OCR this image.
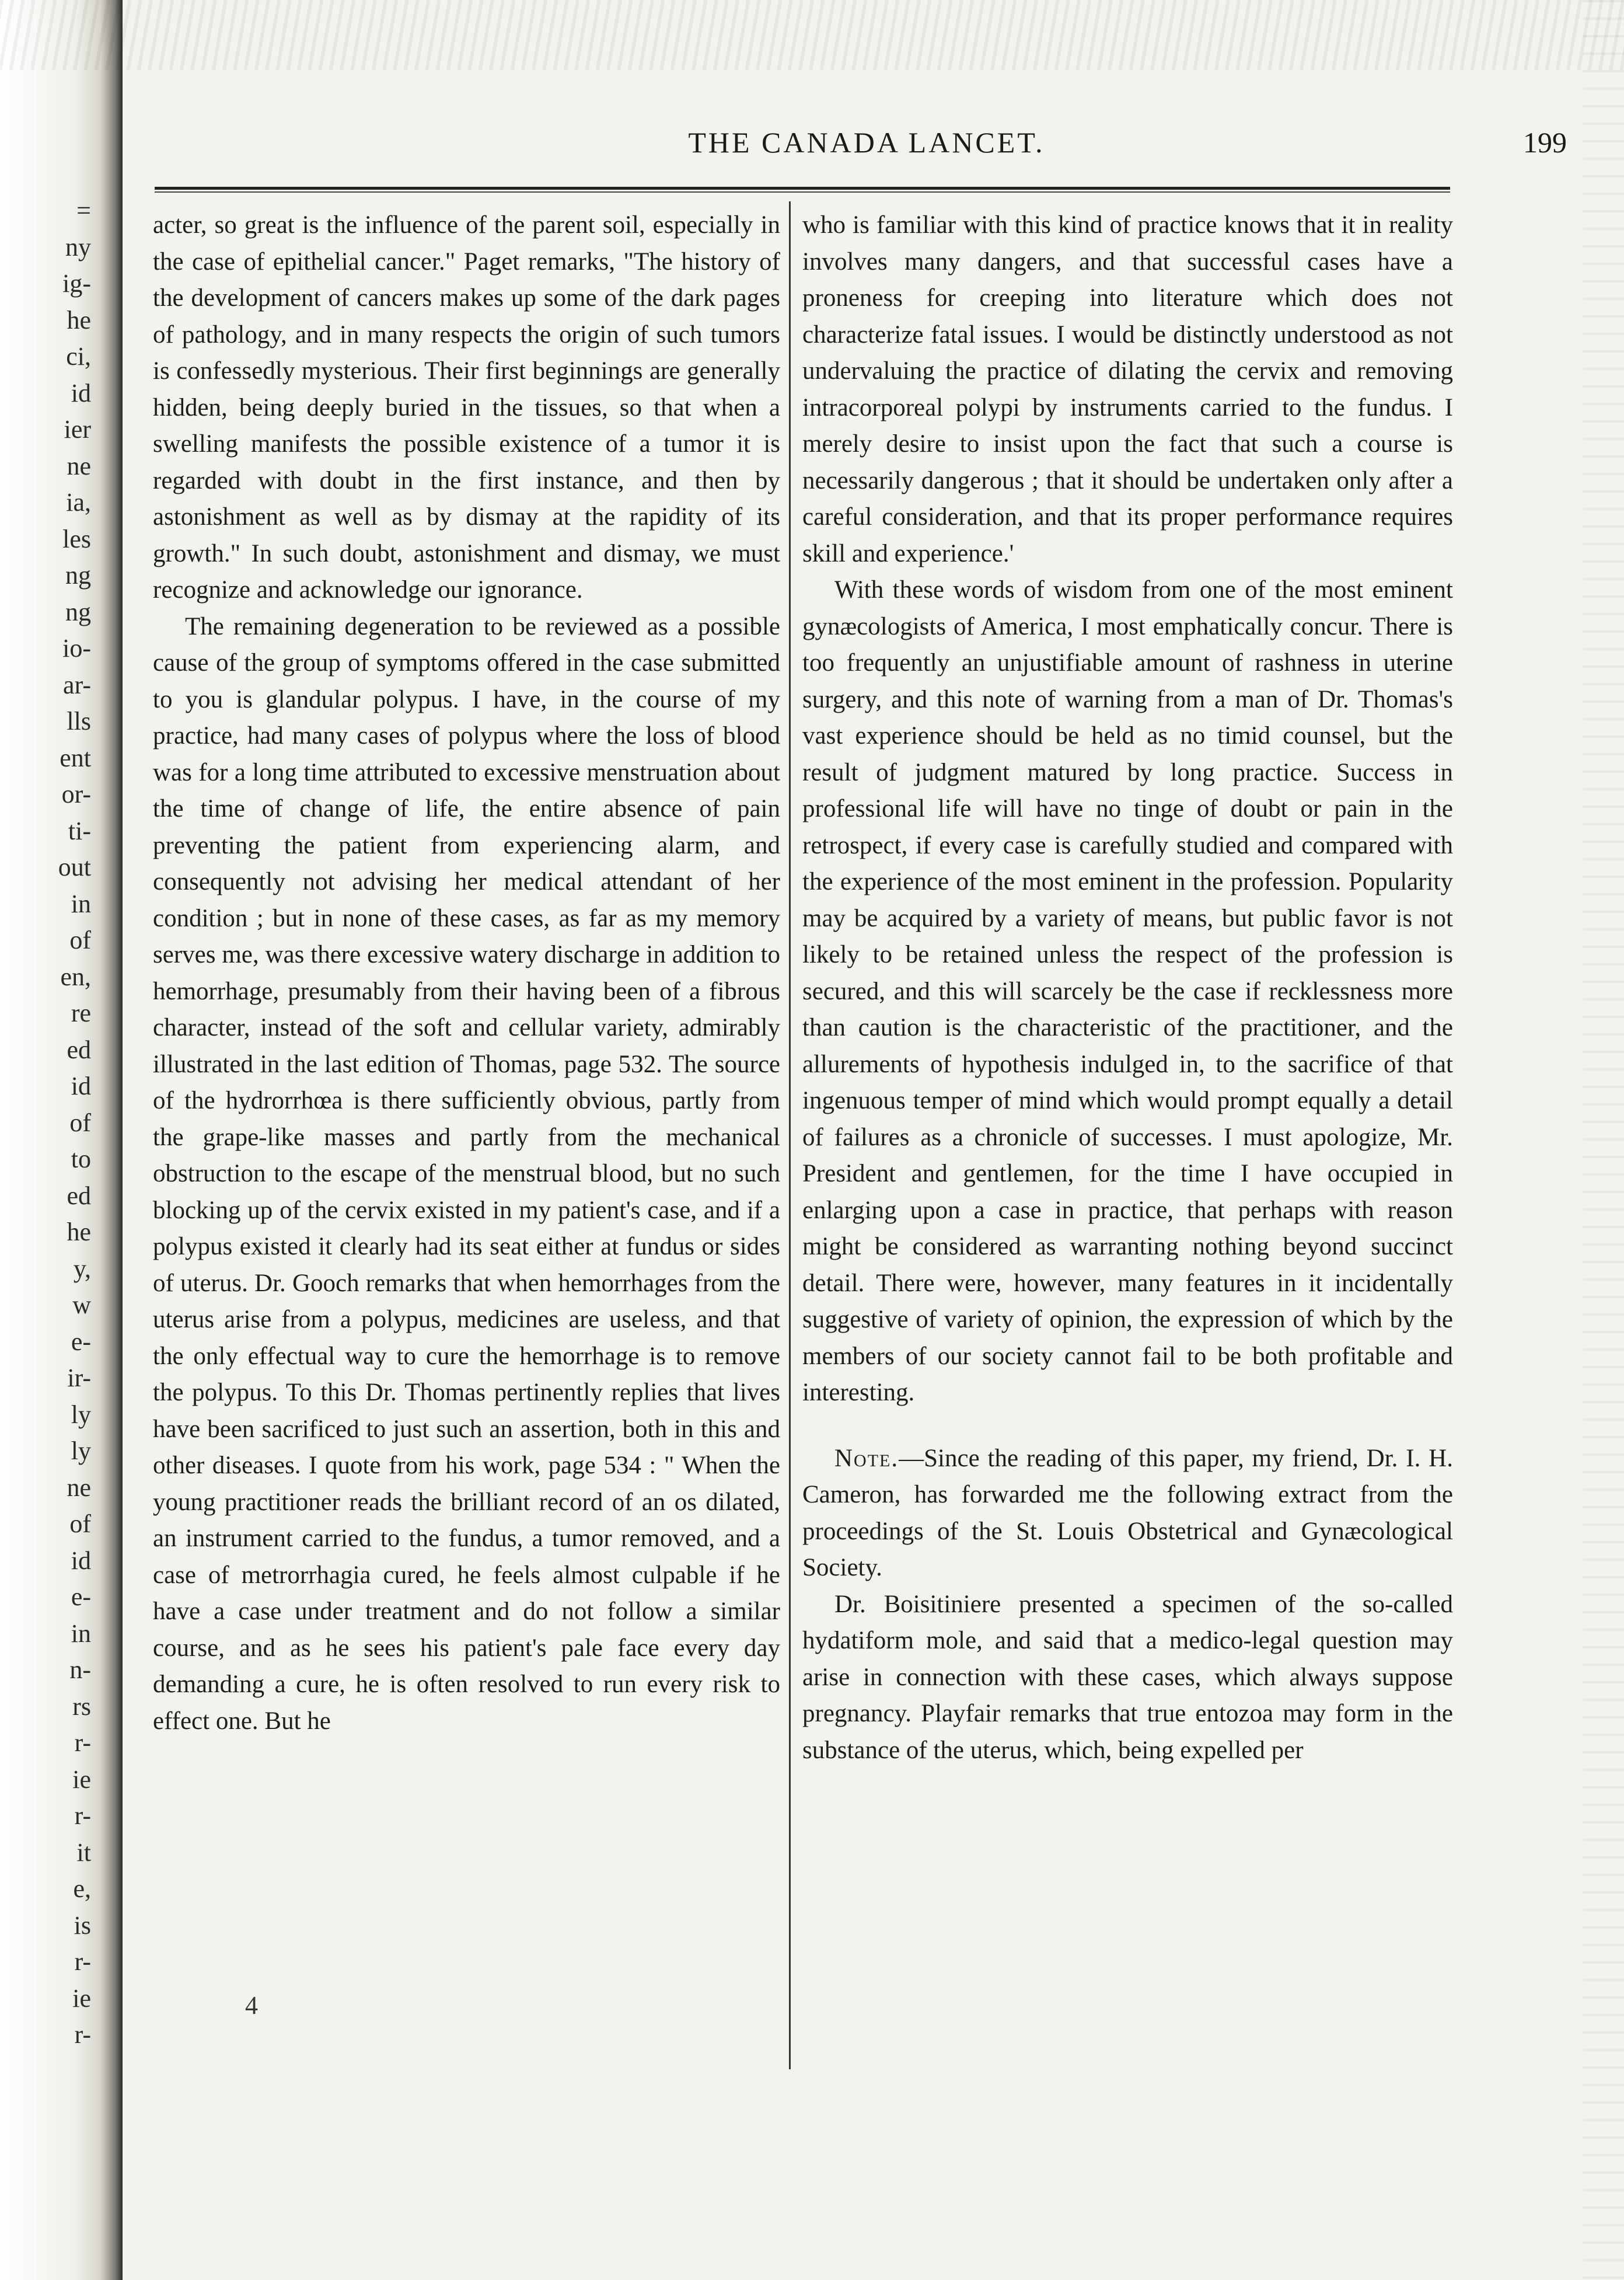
=
ny
ig-
he
ci,
id
ier
ne
ia,
les
ng
ng
io-
ar-
lls
ent
or-
ti-
out
in
of
en,
re
ed
id
of
to
ed
he
y,
w
e-
ir-
ly
ly
ne
of
id
e-
in
n-
rs
r-
ie
r-
it
e,
is
r-
ie
r-
THE CANADA LANCET.	199

acter, so great is the influence of the parent soil, especially in the case of epithelial cancer." Paget remarks, "The history of the development of cancers makes up some of the dark pages of pathology, and in many respects the origin of such tumors is confessedly mysterious. Their first beginnings are generally hidden, being deeply buried in the tissues, so that when a swelling manifests the possible existence of a tumor it is regarded with doubt in the first instance, and then by astonishment as well as by dismay at the rapidity of its growth." In such doubt, astonishment and dismay, we must recognize and acknowledge our ignorance.

The remaining degeneration to be reviewed as a possible cause of the group of symptoms offered in the case submitted to you is glandular polypus. I have, in the course of my practice, had many cases of polypus where the loss of blood was for a long time attributed to excessive menstruation about the time of change of life, the entire absence of pain preventing the patient from experiencing alarm, and consequently not advising her medical attendant of her condition ; but in none of these cases, as far as my memory serves me, was there excessive watery discharge in addition to hemorrhage, presumably from their having been of a fibrous character, instead of the soft and cellular variety, admirably illustrated in the last edition of Thomas, page 532. The source of the hydrorrhœa is there sufficiently obvious, partly from the grape-like masses and partly from the mechanical obstruction to the escape of the menstrual blood, but no such blocking up of the cervix existed in my patient's case, and if a polypus existed it clearly had its seat either at fundus or sides of uterus. Dr. Gooch remarks that when hemorrhages from the uterus arise from a polypus, medicines are useless, and that the only effectual way to cure the hemorrhage is to remove the polypus. To this Dr. Thomas pertinently replies that lives have been sacrificed to just such an assertion, both in this and other diseases. I quote from his work, page 534 : " When the young practitioner reads the brilliant record of an os dilated, an instrument carried to the fundus, a tumor removed, and a case of metrorrhagia cured, he feels almost culpable if he have a case under treatment and do not follow a similar course, and as he sees his patient's pale face every day demanding a cure, he is often resolved to run every risk to effect one. But he

who is familiar with this kind of practice knows that it in reality involves many dangers, and that successful cases have a proneness for creeping into literature which does not characterize fatal issues. I would be distinctly understood as not undervaluing the practice of dilating the cervix and removing intracorporeal polypi by instruments carried to the fundus. I merely desire to insist upon the fact that such a course is necessarily dangerous ; that it should be undertaken only after a careful consideration, and that its proper performance requires skill and experience.'

With these words of wisdom from one of the most eminent gynæcologists of America, I most emphatically concur. There is too frequently an unjustifiable amount of rashness in uterine surgery, and this note of warning from a man of Dr. Thomas's vast experience should be held as no timid counsel, but the result of judgment matured by long practice. Success in professional life will have no tinge of doubt or pain in the retrospect, if every case is carefully studied and compared with the experience of the most eminent in the profession. Popularity may be acquired by a variety of means, but public favor is not likely to be retained unless the respect of the profession is secured, and this will scarcely be the case if recklessness more than caution is the characteristic of the practitioner, and the allurements of hypothesis indulged in, to the sacrifice of that ingenuous temper of mind which would prompt equally a detail of failures as a chronicle of successes. I must apologize, Mr. President and gentlemen, for the time I have occupied in enlarging upon a case in practice, that perhaps with reason might be considered as warranting nothing beyond succinct detail. There were, however, many features in it incidentally suggestive of variety of opinion, the expression of which by the members of our society cannot fail to be both profitable and interesting.

Note.—Since the reading of this paper, my friend, Dr. I. H. Cameron, has forwarded me the following extract from the proceedings of the St. Louis Obstetrical and Gynæcological Society.

Dr. Boisitiniere presented a specimen of the so-called hydatiform mole, and said that a medico-legal question may arise in connection with these cases, which always suppose pregnancy. Playfair remarks that true entozoa may form in the substance of the uterus, which, being expelled per

4
